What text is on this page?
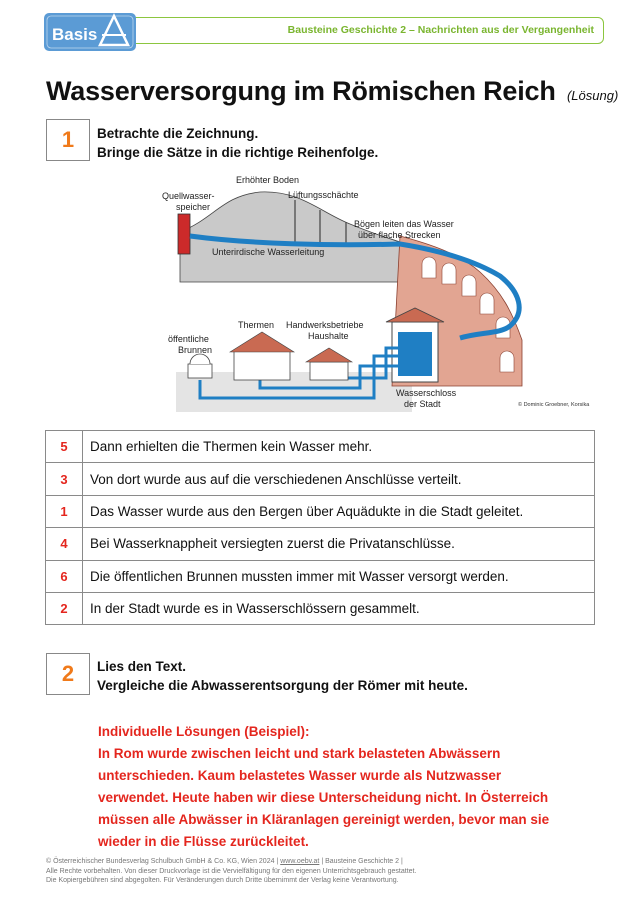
Basis	Bausteine Geschichte 2 – Nachrichten aus der Vergangenheit
Wasserversorgung im Römischen Reich (Lösung)
1	Betrachte die Zeichnung.
Bringe die Sätze in die richtige Reihenfolge.
Quellwasser-
speicher
Erhöhter Boden
Lüftungsschächte
Bögen leiten das Wasser
über flache Strecken
Unterirdische Wasserleitung
öffentliche
Brunnen
Thermen Handwerksbetriebe
Haushalte
Wasserschloss
der Stadt	© Dominic Groebner, Korsika
5	Dann erhielten die Thermen kein Wasser mehr.
3	Von dort wurde aus auf die verschiedenen Anschlüsse verteilt.
1	Das Wasser wurde aus den Bergen über Aquädukte in die Stadt geleitet.
4	Bei Wasserknappheit versiegten zuerst die Privatanschlüsse.
6	Die öffentlichen Brunnen mussten immer mit Wasser versorgt werden.
2	In der Stadt wurde es in Wasserschlössern gesammelt.
2	Lies den Text.
Vergleiche die Abwasserentsorgung der Römer mit heute.
Individuelle Lösungen (Beispiel):
In Rom wurde zwischen leicht und stark belasteten Abwässern
unterschieden. Kaum belastetes Wasser wurde als Nutzwasser
verwendet. Heute haben wir diese Unterscheidung nicht. In Österreich
müssen alle Abwässer in Kläranlagen gereinigt werden, bevor man sie
wieder in die Flüsse zurückleitet.
© Österreichischer Bundesverlag Schulbuch GmbH & Co. KG, Wien 2024 | www.oebv.at | Bausteine Geschichte 2 |
Alle Rechte vorbehalten. Von dieser Druckvorlage ist die Vervielfältigung für den eigenen Unterrichtsgebrauch gestattet.
Die Kopiergebühren sind abgegolten. Für Veränderungen durch Dritte übernimmt der Verlag keine Verantwortung.
